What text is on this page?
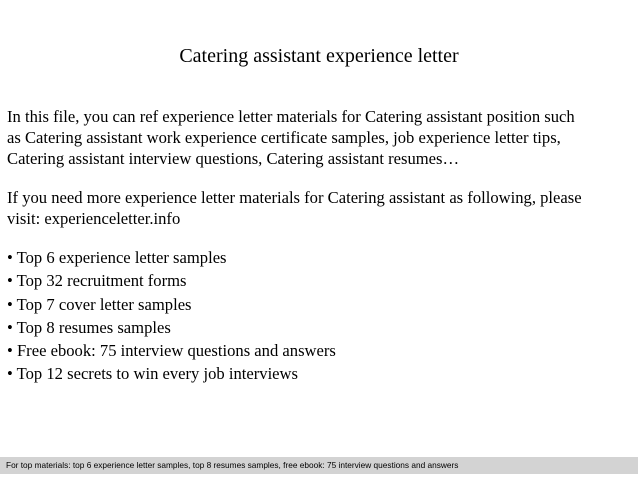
Catering assistant experience letter

In this file, you can ref experience letter materials for Catering assistant position such
as Catering assistant work experience certificate samples, job experience letter tips,
Catering assistant interview questions, Catering assistant resumes…

If you need more experience letter materials for Catering assistant as following, please
visit: experienceletter.info

• Top 6 experience letter samples
• Top 32 recruitment forms
• Top 7 cover letter samples
• Top 8 resumes samples
• Free ebook: 75 interview questions and answers
• Top 12 secrets to win every job interviews
For top materials: top 6 experience letter samples, top 8 resumes samples, free ebook: 75 interview questions and answers
